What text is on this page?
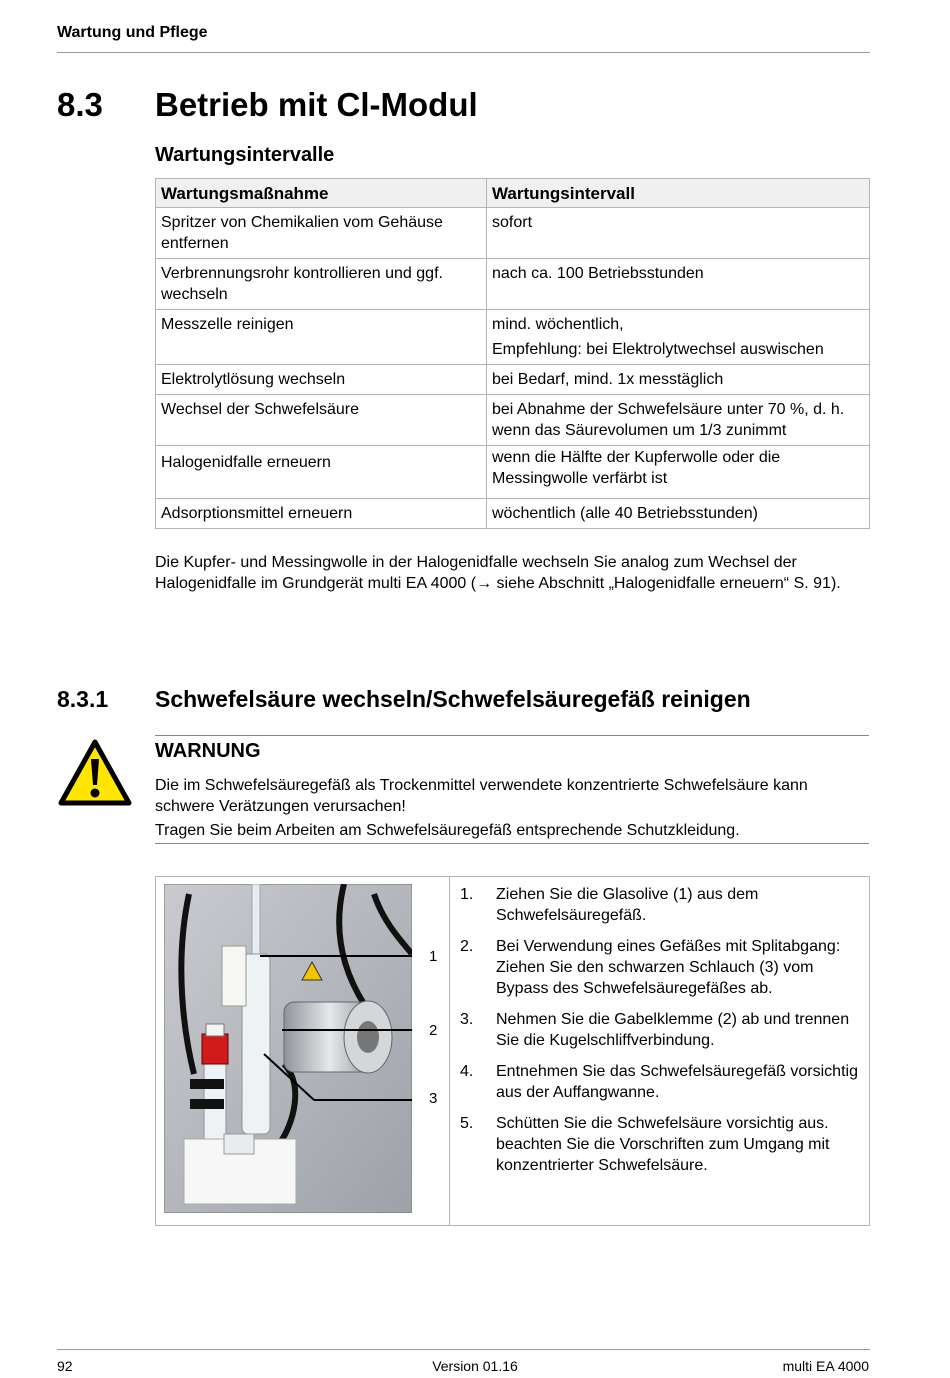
Wartung und Pflege
8.3 Betrieb mit Cl-Modul
Wartungsintervalle
Wartungsmaßnahme	Wartungsintervall
Spritzer von Chemikalien vom Gehäuse entfernen	sofort
Verbrennungsrohr kontrollieren und ggf. wechseln	nach ca. 100 Betriebsstunden
Messzelle reinigen	mind. wöchentlich,
Empfehlung: bei Elektrolytwechsel auswischen

Elektrolytlösung wechseln	bei Bedarf, mind. 1x messtäglich
Wechsel der Schwefelsäure	bei Abnahme der Schwefelsäure unter 70 %, d. h. wenn das Säurevolumen um 1/3 zunimmt
Halogenidfalle erneuern	wenn die Hälfte der Kupferwolle oder die Messingwolle verfärbt ist
Adsorptionsmittel erneuern	wöchentlich (alle 40 Betriebsstunden)
Die Kupfer- und Messingwolle in der Halogenidfalle wechseln Sie analog zum Wechsel der Halogenidfalle im Grundgerät multi EA 4000 (→ siehe Abschnitt „Halogenidfalle erneuern“ S. 91).
8.3.1 Schwefelsäure wechseln/Schwefelsäuregefäß reinigen
WARNUNG

Die im Schwefelsäuregefäß als Trockenmittel verwendete konzentrierte Schwefelsäure kann schwere Verätzungen verursachen!

Tragen Sie beim Arbeiten am Schwefelsäuregefäß entsprechende Schutzkleidung.

1
2
3
1. Ziehen Sie die Glasolive (1) aus dem Schwefelsäuregefäß.
2. Bei Verwendung eines Gefäßes mit Splitabgang:
Ziehen Sie den schwarzen Schlauch (3) vom Bypass des Schwefelsäuregefäßes ab.
3. Nehmen Sie die Gabelklemme (2) ab und trennen Sie die Kugelschliffverbindung.
4. Entnehmen Sie das Schwefelsäuregefäß vorsichtig aus der Auffangwanne.
5. Schütten Sie die Schwefelsäure vorsichtig aus. beachten Sie die Vorschriften zum Umgang mit konzentrierter Schwefelsäure.
92	Version 01.16	multi EA 4000
